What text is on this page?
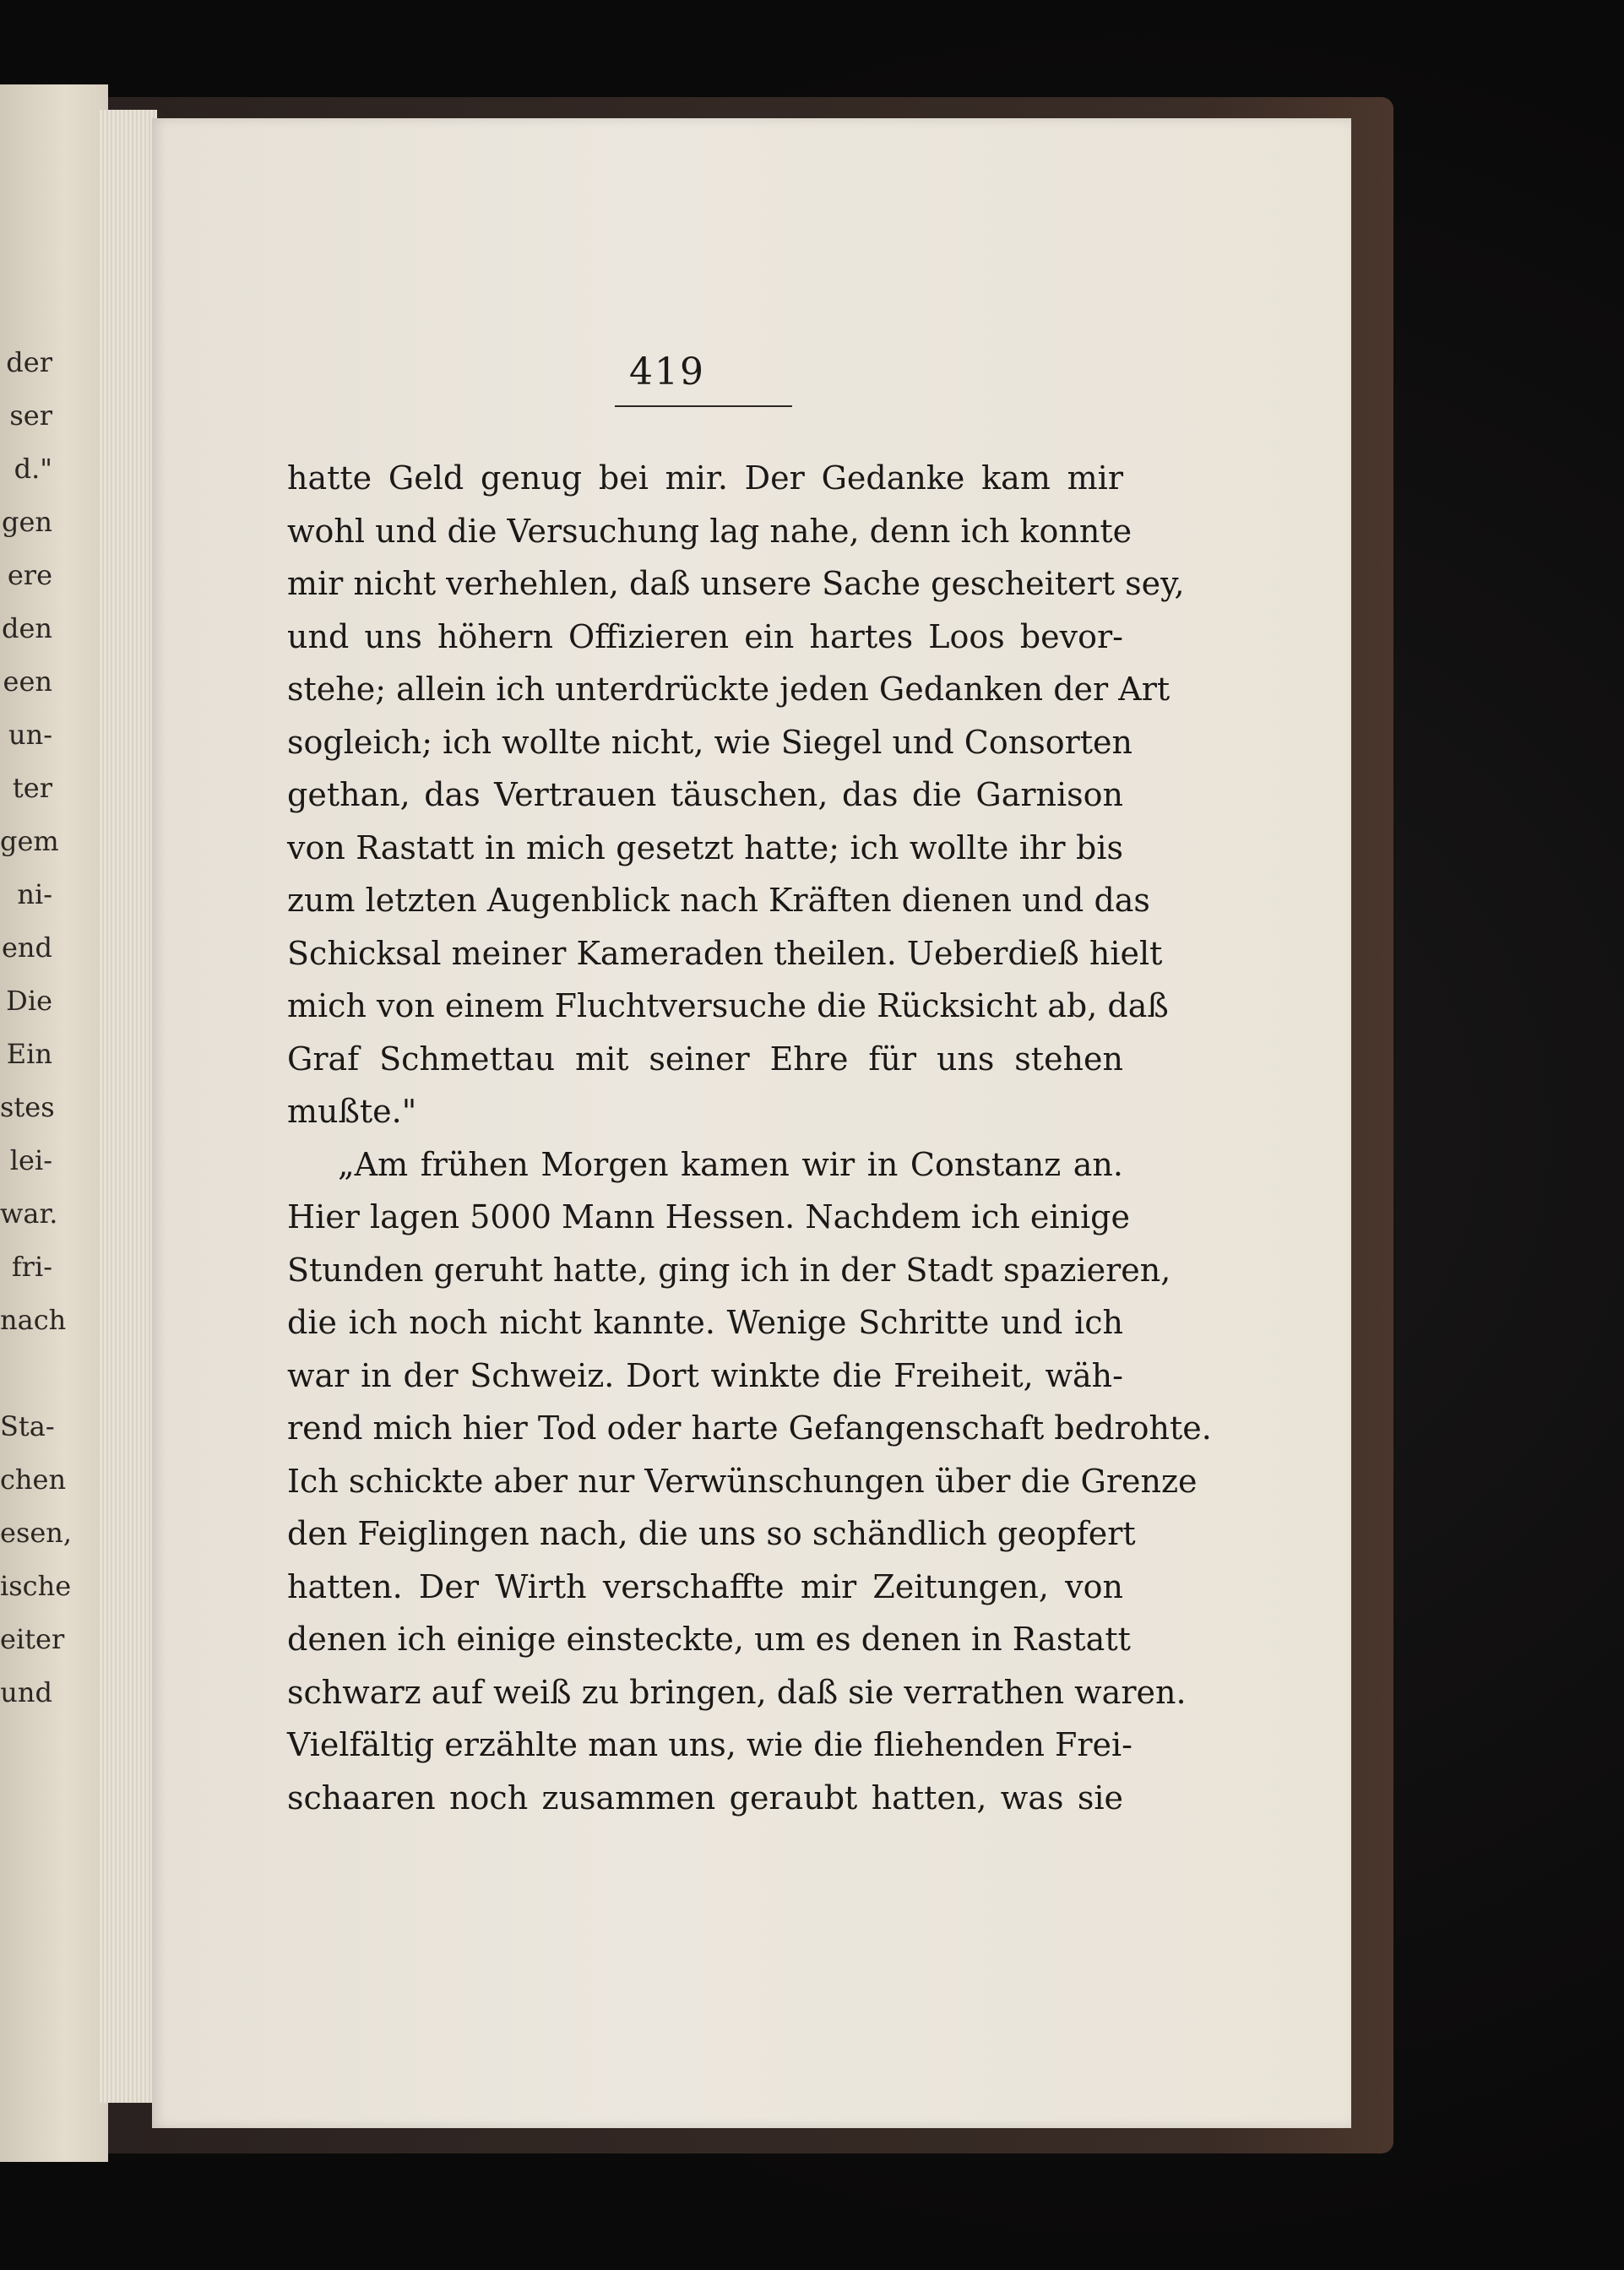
der
ser
d."
gen
ere
den
een
un-
ter
gem
ni-
end
Die
Ein
stes
lei-
war.
fri-
nach
Sta-
chen
esen,
ische
eiter
und
419
hatte Geld genug bei mir. Der Gedanke kam mir
wohl und die Versuchung lag nahe, denn ich konnte
mir nicht verhehlen, daß unsere Sache gescheitert sey,
und uns höhern Offizieren ein hartes Loos bevor-
stehe; allein ich unterdrückte jeden Gedanken der Art
sogleich; ich wollte nicht, wie Siegel und Consorten
gethan, das Vertrauen täuschen, das die Garnison
von Rastatt in mich gesetzt hatte; ich wollte ihr bis
zum letzten Augenblick nach Kräften dienen und das
Schicksal meiner Kameraden theilen. Ueberdieß hielt
mich von einem Fluchtversuche die Rücksicht ab, daß
Graf Schmettau mit seiner Ehre für uns stehen
mußte."
„Am frühen Morgen kamen wir in Constanz an.
Hier lagen 5000 Mann Hessen. Nachdem ich einige
Stunden geruht hatte, ging ich in der Stadt spazieren,
die ich noch nicht kannte. Wenige Schritte und ich
war in der Schweiz. Dort winkte die Freiheit, wäh-
rend mich hier Tod oder harte Gefangenschaft bedrohte.
Ich schickte aber nur Verwünschungen über die Grenze
den Feiglingen nach, die uns so schändlich geopfert
hatten. Der Wirth verschaffte mir Zeitungen, von
denen ich einige einsteckte, um es denen in Rastatt
schwarz auf weiß zu bringen, daß sie verrathen waren.
Vielfältig erzählte man uns, wie die fliehenden Frei-
schaaren noch zusammen geraubt hatten, was sie
